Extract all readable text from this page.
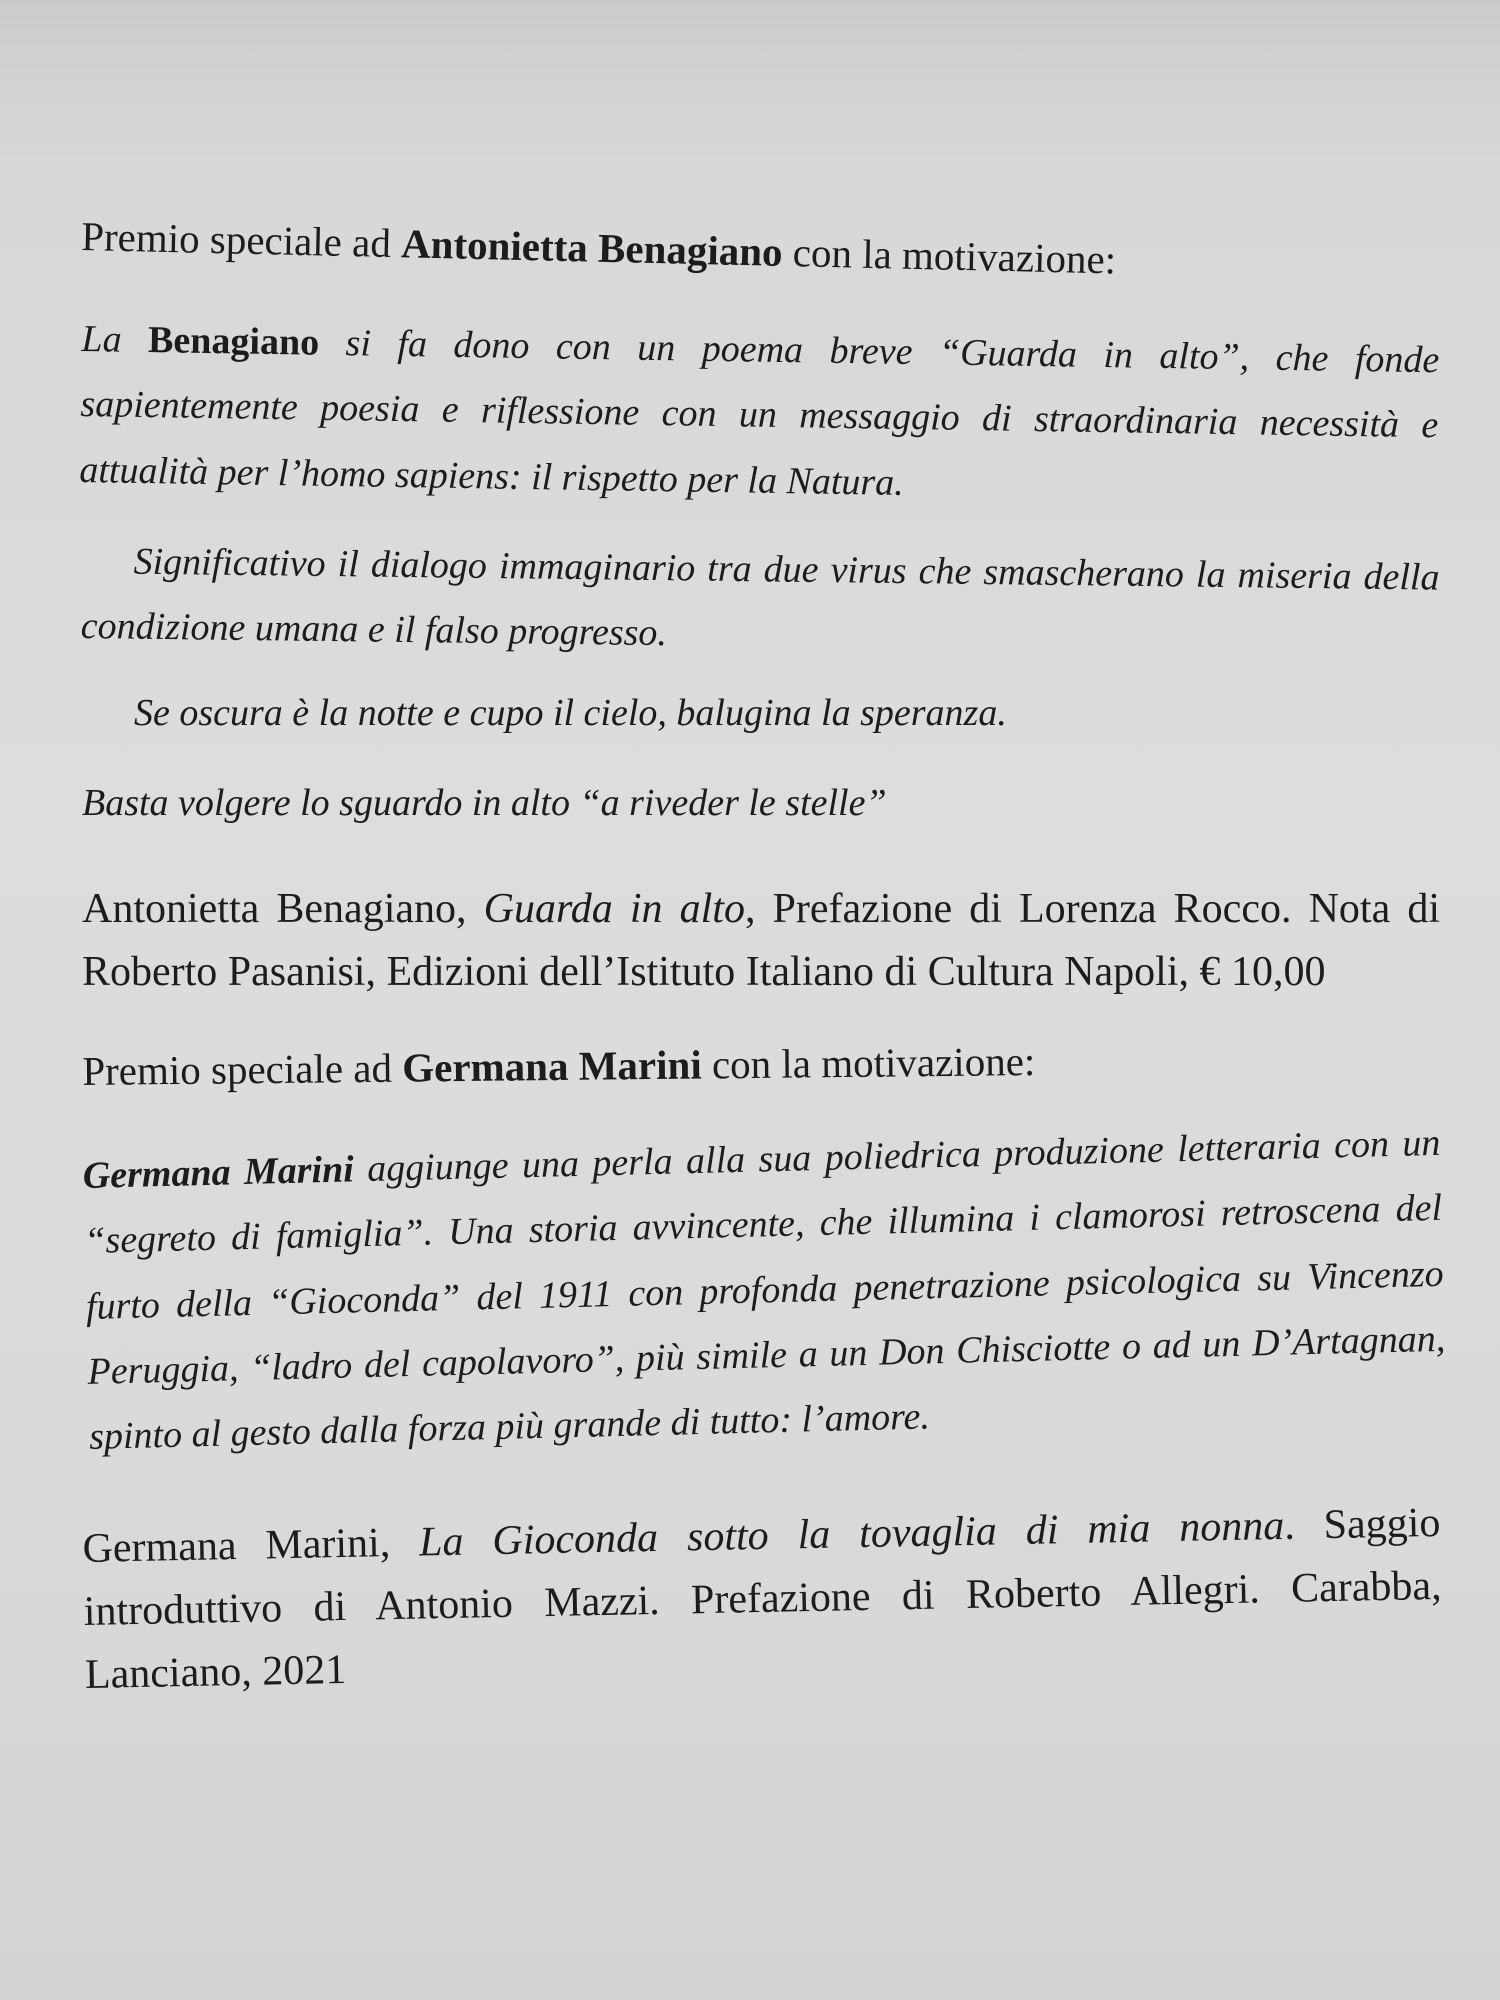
Premio speciale ad Antonietta Benagiano con la motivazione:

La Benagiano si fa dono con un poema breve “Guarda in alto”, che fonde sapientemente poesia e riflessione con un messaggio di straordinaria necessità e attualità per l’homo sapiens: il rispetto per la Natura.

Significativo il dialogo immaginario tra due virus che smascherano la miseria della condizione umana e il falso progresso.

Se oscura è la notte e cupo il cielo, balugina la speranza.

Basta volgere lo sguardo in alto “a riveder le stelle”

Antonietta Benagiano, Guarda in alto, Prefazione di Lorenza Rocco. Nota di Roberto Pasanisi, Edizioni dell’Istituto Italiano di Cultura Napoli, € 10,00

Premio speciale ad Germana Marini con la motivazione:

Germana Marini aggiunge una perla alla sua poliedrica produzione letteraria con un “segreto di famiglia”. Una storia avvincente, che illumina i clamorosi retroscena del furto della “Gioconda” del 1911 con profonda penetrazione psicologica su Vincenzo Peruggia, “ladro del capolavoro”, più simile a un Don Chisciotte o ad un D’Artagnan, spinto al gesto dalla forza più grande di tutto: l’amore.

Germana Marini, La Gioconda sotto la tovaglia di mia nonna. Saggio introduttivo di Antonio Mazzi. Prefazione di Roberto Allegri. Carabba, Lanciano, 2021
